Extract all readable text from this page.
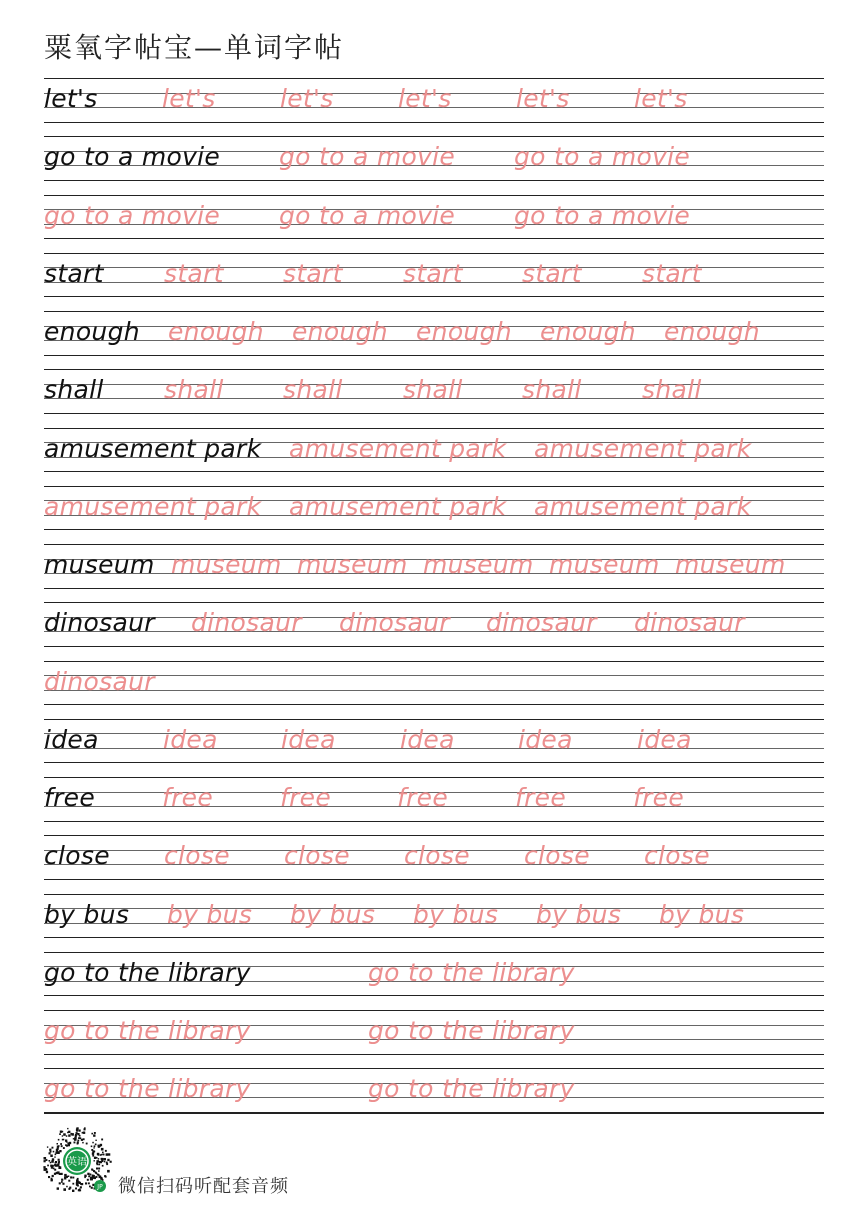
粟氧字帖宝—单词字帖
let's	let's	let's	let's	let's	let's
go to a movie go to a movie go to a movie
go to a movie go to a movie go to a movie
start start start start start start
enough enough enough enough enough enough
shall shall shall shall shall shall
amusement park amusement park amusement park
amusement park amusement park amusement park
museum museum museum museum museum museum
dinosaur dinosaur dinosaur dinosaur dinosaur
dinosaur
idea	idea	idea	idea	idea	idea
free	free	free	free	free	free
close close close close close close
by bus by bus by bus by bus by bus by bus
go to the library	go to the library
go to the library	go to the library
go to the library	go to the library
英语
JP 微信扫码听配套音频
